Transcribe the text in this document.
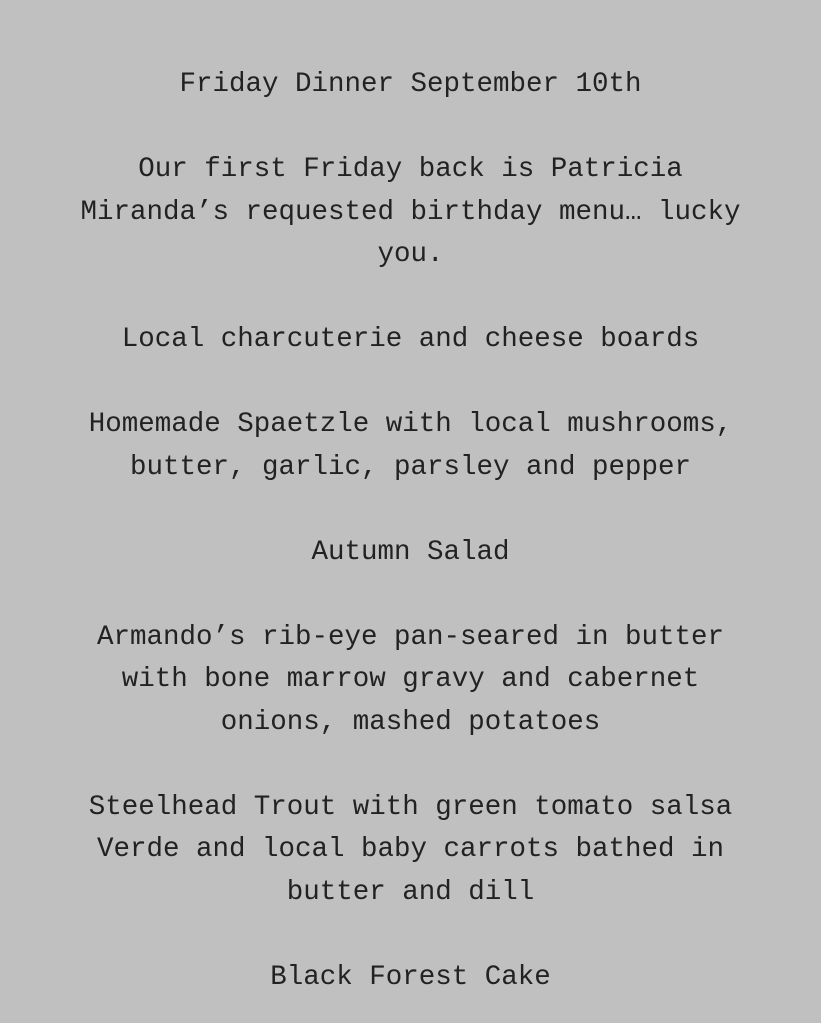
Friday Dinner September 10th

Our first Friday back is Patricia
Miranda’s requested birthday menu… lucky
you.

Local charcuterie and cheese boards

Homemade Spaetzle with local mushrooms,
butter, garlic, parsley and pepper

Autumn Salad

Armando’s rib-eye pan-seared in butter
with bone marrow gravy and cabernet
onions, mashed potatoes

Steelhead Trout with green tomato salsa
Verde and local baby carrots bathed in
butter and dill

Black Forest Cake
